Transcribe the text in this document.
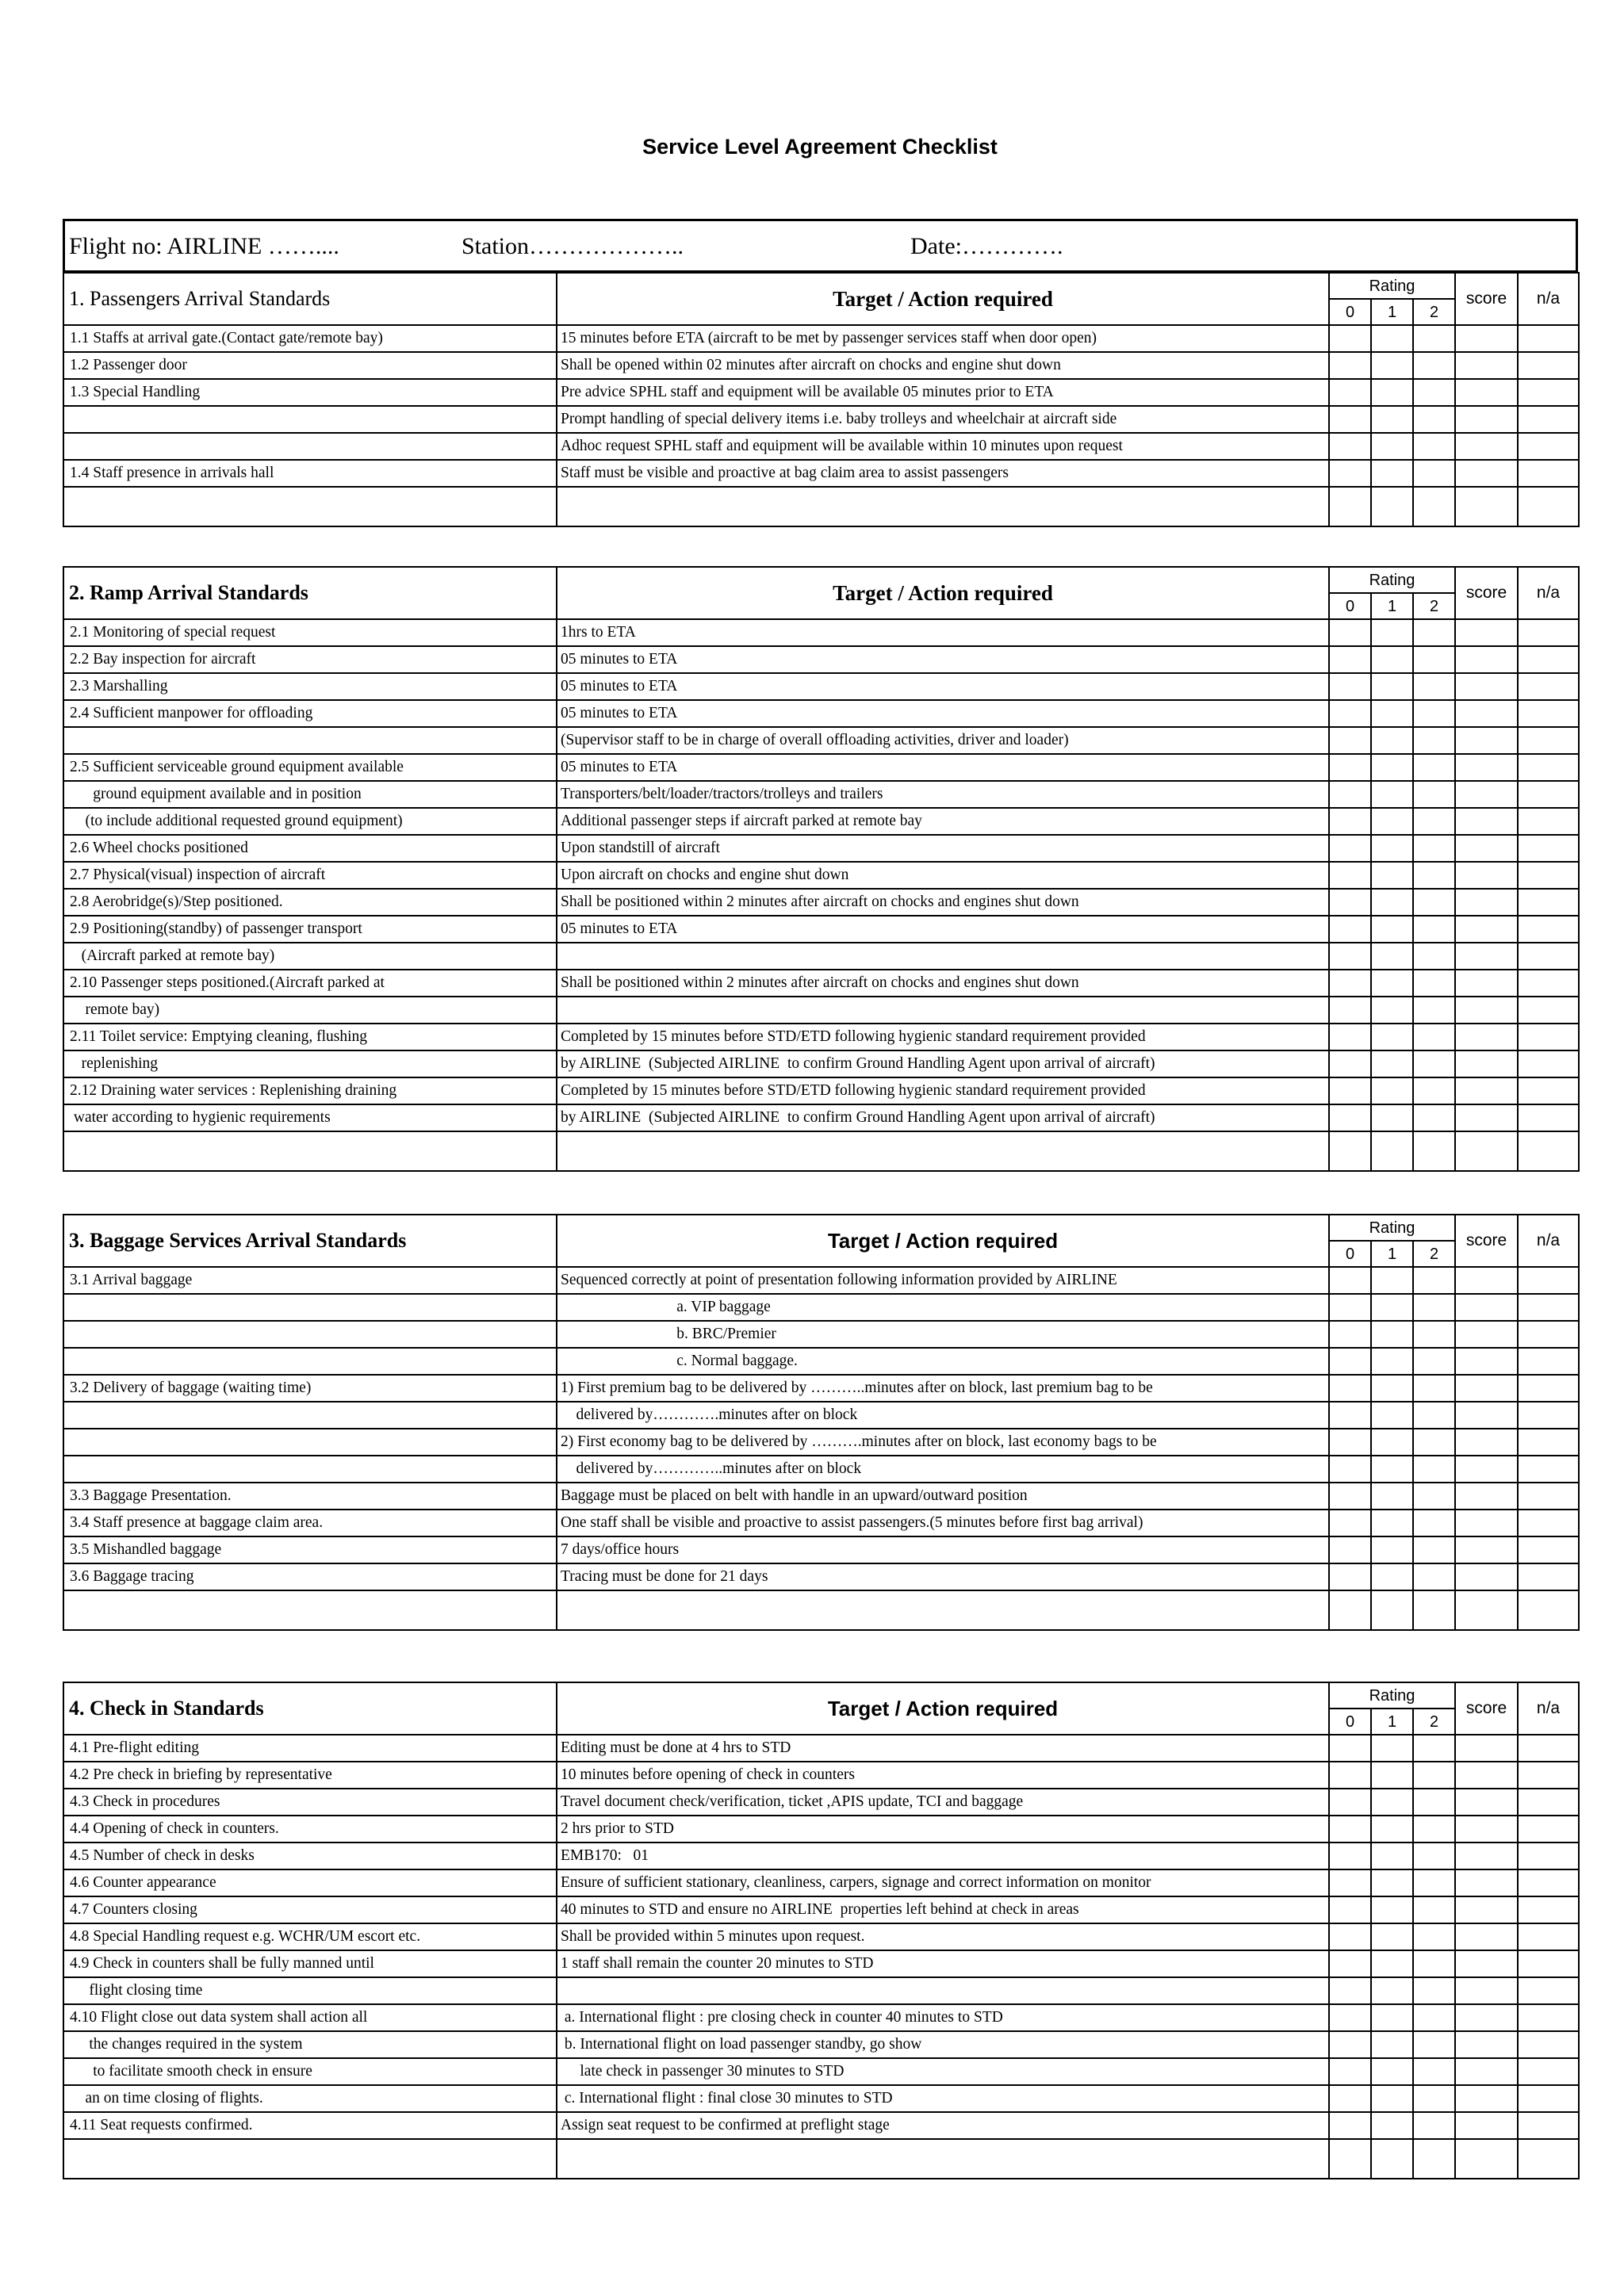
Service Level Agreement Checklist
Flight no: AIRLINE ……....	Station………………..	Date:………….
1. Passengers Arrival Standards	Target / Action required	Rating
0 1 2			score	n/a
1.1 Staffs at arrival gate.(Contact gate/remote bay)	15 minutes before ETA (aircraft to be met by passenger services staff when door open)					
1.2 Passenger door	Shall be opened within 02 minutes after aircraft on chocks and engine shut down					
1.3 Special Handling	Pre advice SPHL staff and equipment will be available 05 minutes prior to ETA					
	Prompt handling of special delivery items i.e. baby trolleys and wheelchair at aircraft side					
	Adhoc request SPHL staff and equipment will be available within 10 minutes upon request					
1.4 Staff presence in arrivals hall	Staff must be visible and proactive at bag claim area to assist passengers					

2. Ramp Arrival Standards	Target / Action required	Rating
0 1 2			score	n/a
2.1 Monitoring of special request	1hrs to ETA					
2.2 Bay inspection for aircraft	05 minutes to ETA					
2.3 Marshalling	05 minutes to ETA					
2.4 Sufficient manpower for offloading	05 minutes to ETA					
	(Supervisor staff to be in charge of overall offloading activities, driver and loader)					
2.5 Sufficient serviceable ground equipment available	05 minutes to ETA					
ground equipment available and in position	Transporters/belt/loader/tractors/trolleys and trailers					
(to include additional requested ground equipment)	Additional passenger steps if aircraft parked at remote bay					
2.6 Wheel chocks positioned	Upon standstill of aircraft					
2.7 Physical(visual) inspection of aircraft	Upon aircraft on chocks and engine shut down					
2.8 Aerobridge(s)/Step positioned.	Shall be positioned within 2 minutes after aircraft on chocks and engines shut down					
2.9 Positioning(standby) of passenger transport	05 minutes to ETA					
(Aircraft parked at remote bay)						
2.10 Passenger steps positioned.(Aircraft parked at	Shall be positioned within 2 minutes after aircraft on chocks and engines shut down					
remote bay)						
2.11 Toilet service: Emptying cleaning, flushing	Completed by 15 minutes before STD/ETD following hygienic standard requirement provided					
replenishing	by AIRLINE  (Subjected AIRLINE  to confirm Ground Handling Agent upon arrival of aircraft)					
2.12 Draining water services : Replenishing draining	Completed by 15 minutes before STD/ETD following hygienic standard requirement provided					
water according to hygienic requirements	by AIRLINE  (Subjected AIRLINE  to confirm Ground Handling Agent upon arrival of aircraft)					

3. Baggage Services Arrival Standards	Target / Action required	Rating
0 1 2			score	n/a
3.1 Arrival baggage	Sequenced correctly at point of presentation following information provided by AIRLINE					
	a. VIP baggage					
	b. BRC/Premier					
	c. Normal baggage.					
3.2 Delivery of baggage (waiting time)	1) First premium bag to be delivered by ………..minutes after on block, last premium bag to be					
	delivered by………….minutes after on block					
	2) First economy bag to be delivered by ……….minutes after on block, last economy bags to be					
	delivered by…………..minutes after on block					
3.3 Baggage Presentation.	Baggage must be placed on belt with handle in an upward/outward position					
3.4 Staff presence at baggage claim area.	One staff shall be visible and proactive to assist passengers.(5 minutes before first bag arrival)					
3.5 Mishandled baggage	7 days/office hours					
3.6 Baggage tracing	Tracing must be done for 21 days					

4. Check in Standards	Target / Action required	Rating
0 1 2			score	n/a
4.1 Pre-flight editing	Editing must be done at 4 hrs to STD					
4.2 Pre check in briefing by representative	10 minutes before opening of check in counters					
4.3 Check in procedures	Travel document check/verification, ticket ,APIS update, TCI and baggage					
4.4 Opening of check in counters.	2 hrs prior to STD					
4.5 Number of check in desks	EMB170:   01					
4.6 Counter appearance	Ensure of sufficient stationary, cleanliness, carpers, signage and correct information on monitor					
4.7 Counters closing	40 minutes to STD and ensure no AIRLINE  properties left behind at check in areas					
4.8 Special Handling request e.g. WCHR/UM escort etc.	Shall be provided within 5 minutes upon request.					
4.9 Check in counters shall be fully manned until	1 staff shall remain the counter 20 minutes to STD					
flight closing time						
4.10 Flight close out data system shall action all	a. International flight : pre closing check in counter 40 minutes to STD					
the changes required in the system	b. International flight on load passenger standby, go show					
to facilitate smooth check in ensure	late check in passenger 30 minutes to STD					
an on time closing of flights.	c. International flight : final close 30 minutes to STD					
4.11 Seat requests confirmed.	Assign seat request to be confirmed at preflight stage					
